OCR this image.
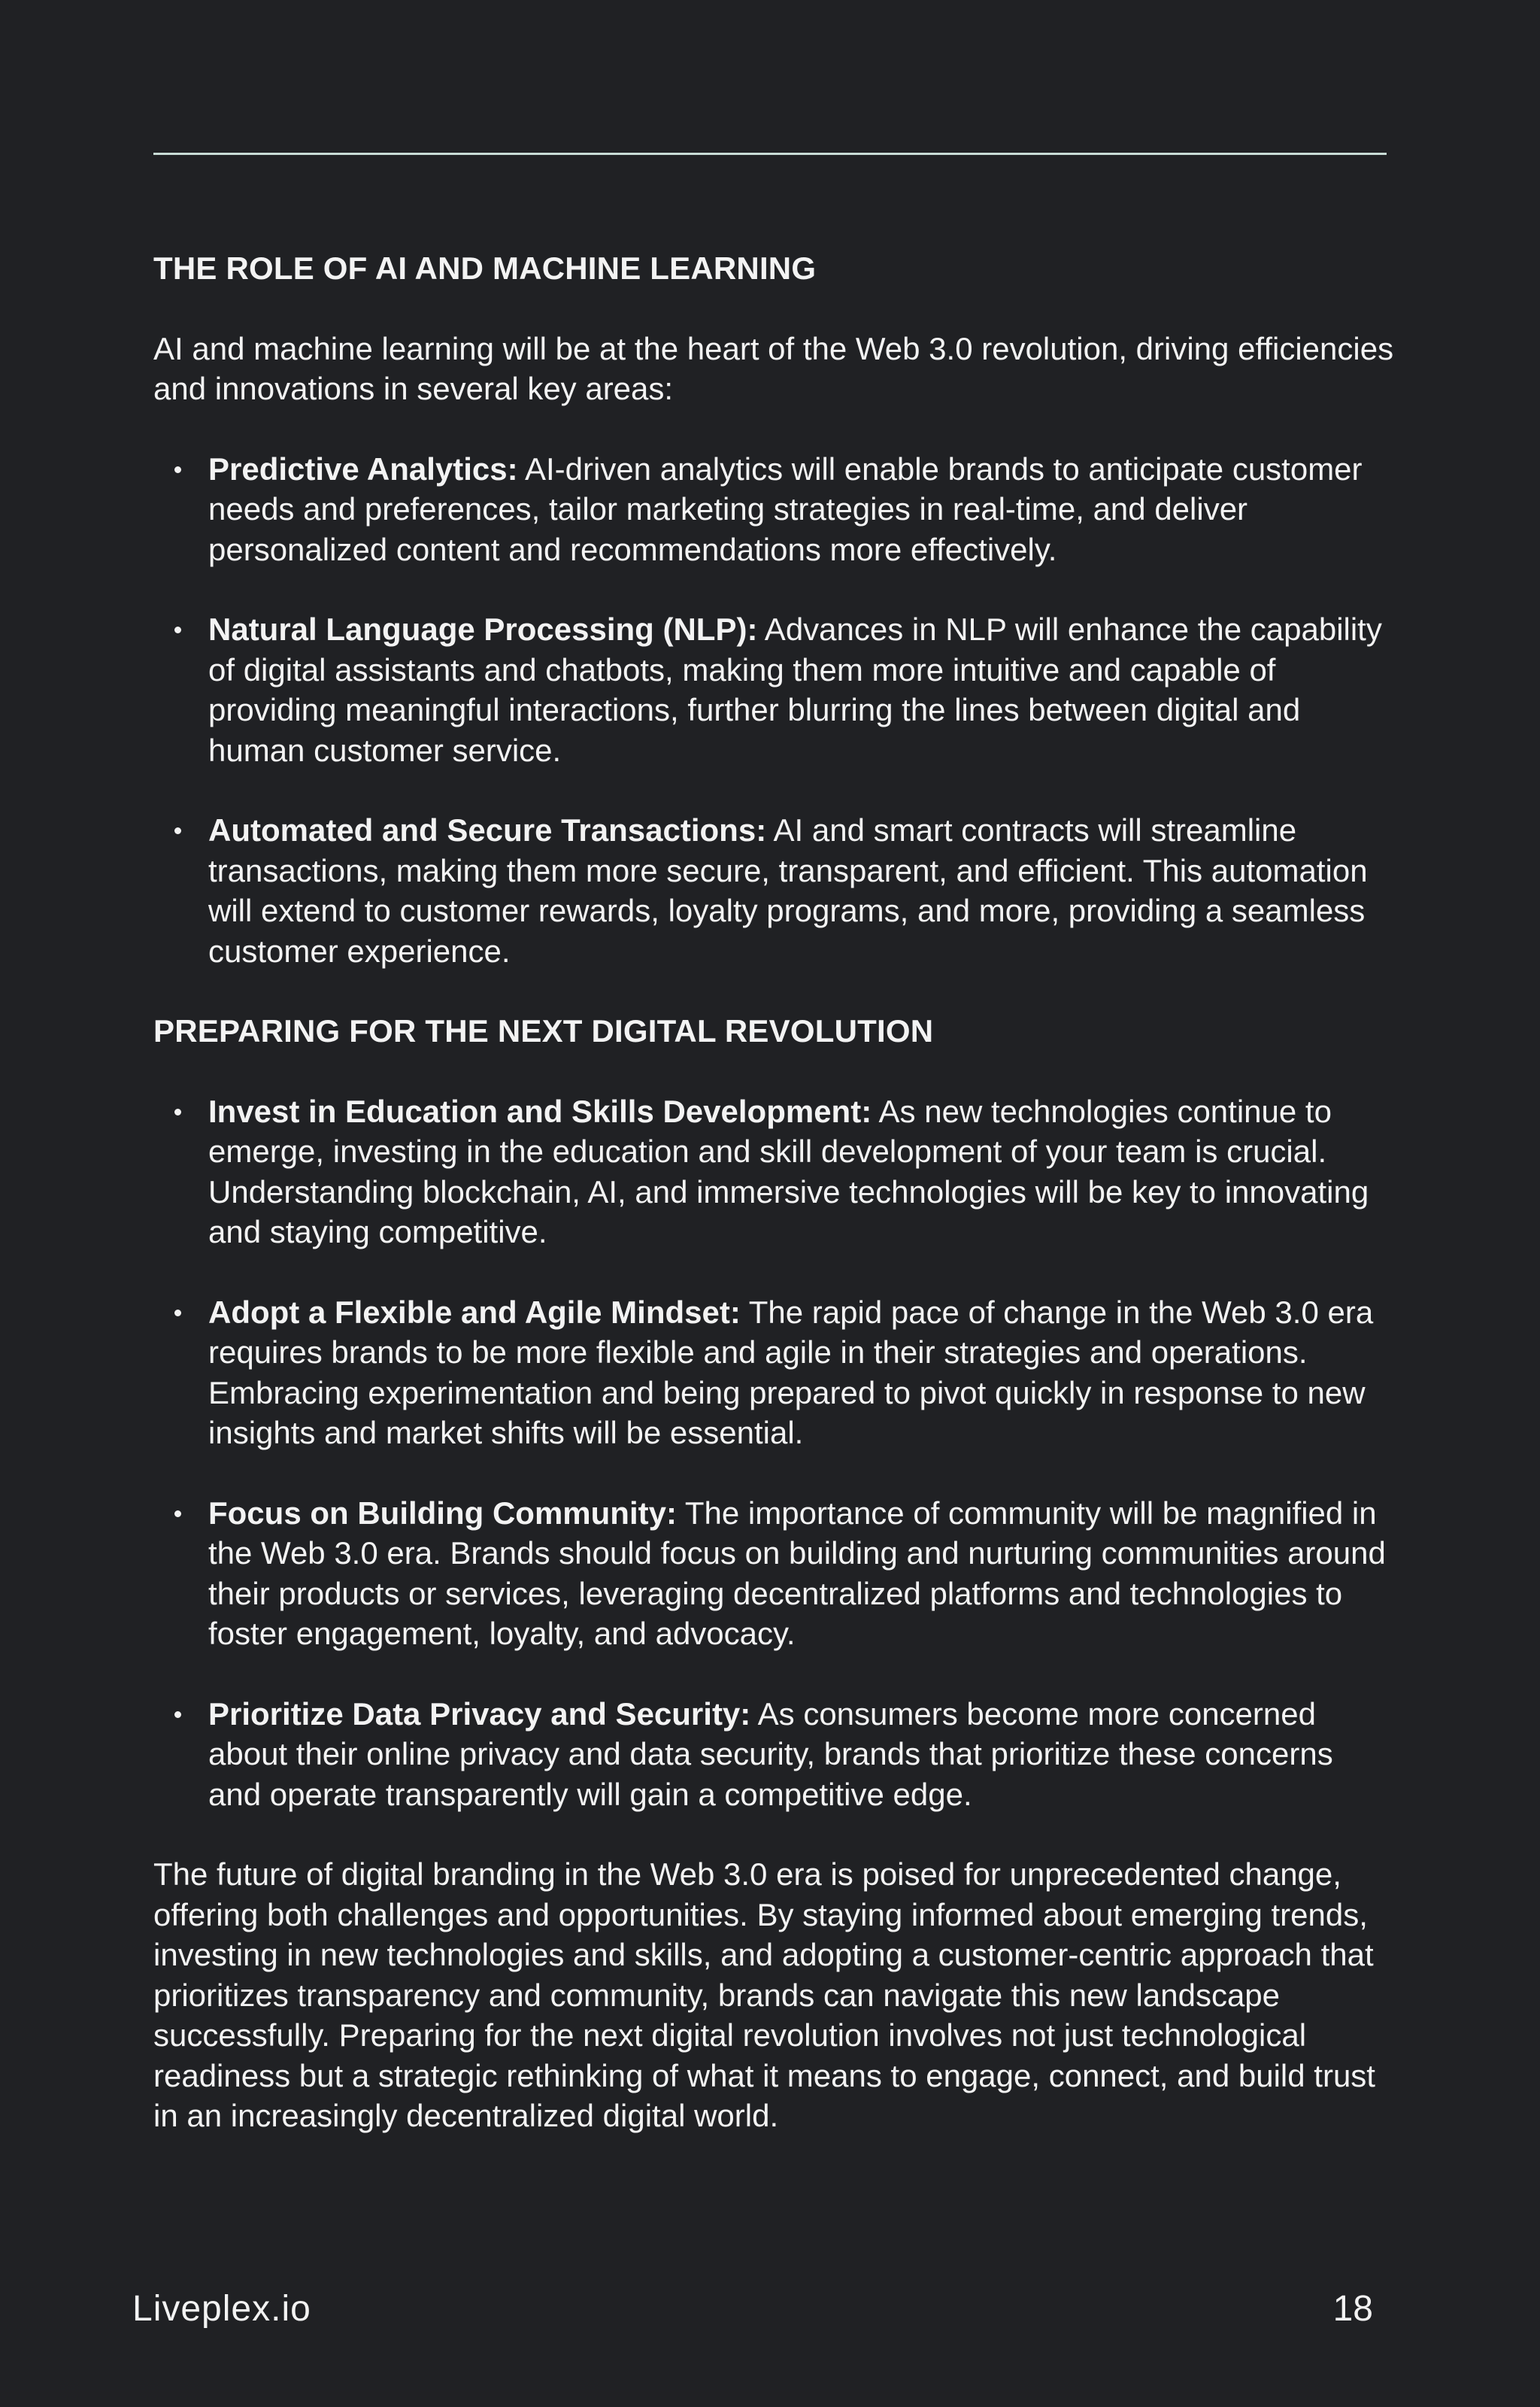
THE ROLE OF AI AND MACHINE LEARNING

AI and machine learning will be at the heart of the Web 3.0 revolution, driving efficiencies and innovations in several key areas:

Predictive Analytics: AI-driven analytics will enable brands to anticipate customer needs and preferences, tailor marketing strategies in real-time, and deliver personalized content and recommendations more effectively.
Natural Language Processing (NLP): Advances in NLP will enhance the capability of digital assistants and chatbots, making them more intuitive and capable of providing meaningful interactions, further blurring the lines between digital and human customer service.
Automated and Secure Transactions: AI and smart contracts will streamline transactions, making them more secure, transparent, and efficient. This automation will extend to customer rewards, loyalty programs, and more, providing a seamless customer experience.
PREPARING FOR THE NEXT DIGITAL REVOLUTION
Invest in Education and Skills Development: As new technologies continue to emerge, investing in the education and skill development of your team is crucial. Understanding blockchain, AI, and immersive technologies will be key to innovating and staying competitive.
Adopt a Flexible and Agile Mindset: The rapid pace of change in the Web 3.0 era requires brands to be more flexible and agile in their strategies and operations. Embracing experimentation and being prepared to pivot quickly in response to new insights and market shifts will be essential.
Focus on Building Community: The importance of community will be magnified in the Web 3.0 era. Brands should focus on building and nurturing communities around their products or services, leveraging decentralized platforms and technologies to foster engagement, loyalty, and advocacy.
Prioritize Data Privacy and Security: As consumers become more concerned about their online privacy and data security, brands that prioritize these concerns and operate transparently will gain a competitive edge.

The future of digital branding in the Web 3.0 era is poised for unprecedented change, offering both challenges and opportunities. By staying informed about emerging trends, investing in new technologies and skills, and adopting a customer-centric approach that prioritizes transparency and community, brands can navigate this new landscape successfully. Preparing for the next digital revolution involves not just technological readiness but a strategic rethinking of what it means to engage, connect, and build trust in an increasingly decentralized digital world.

Liveplex.io	18
